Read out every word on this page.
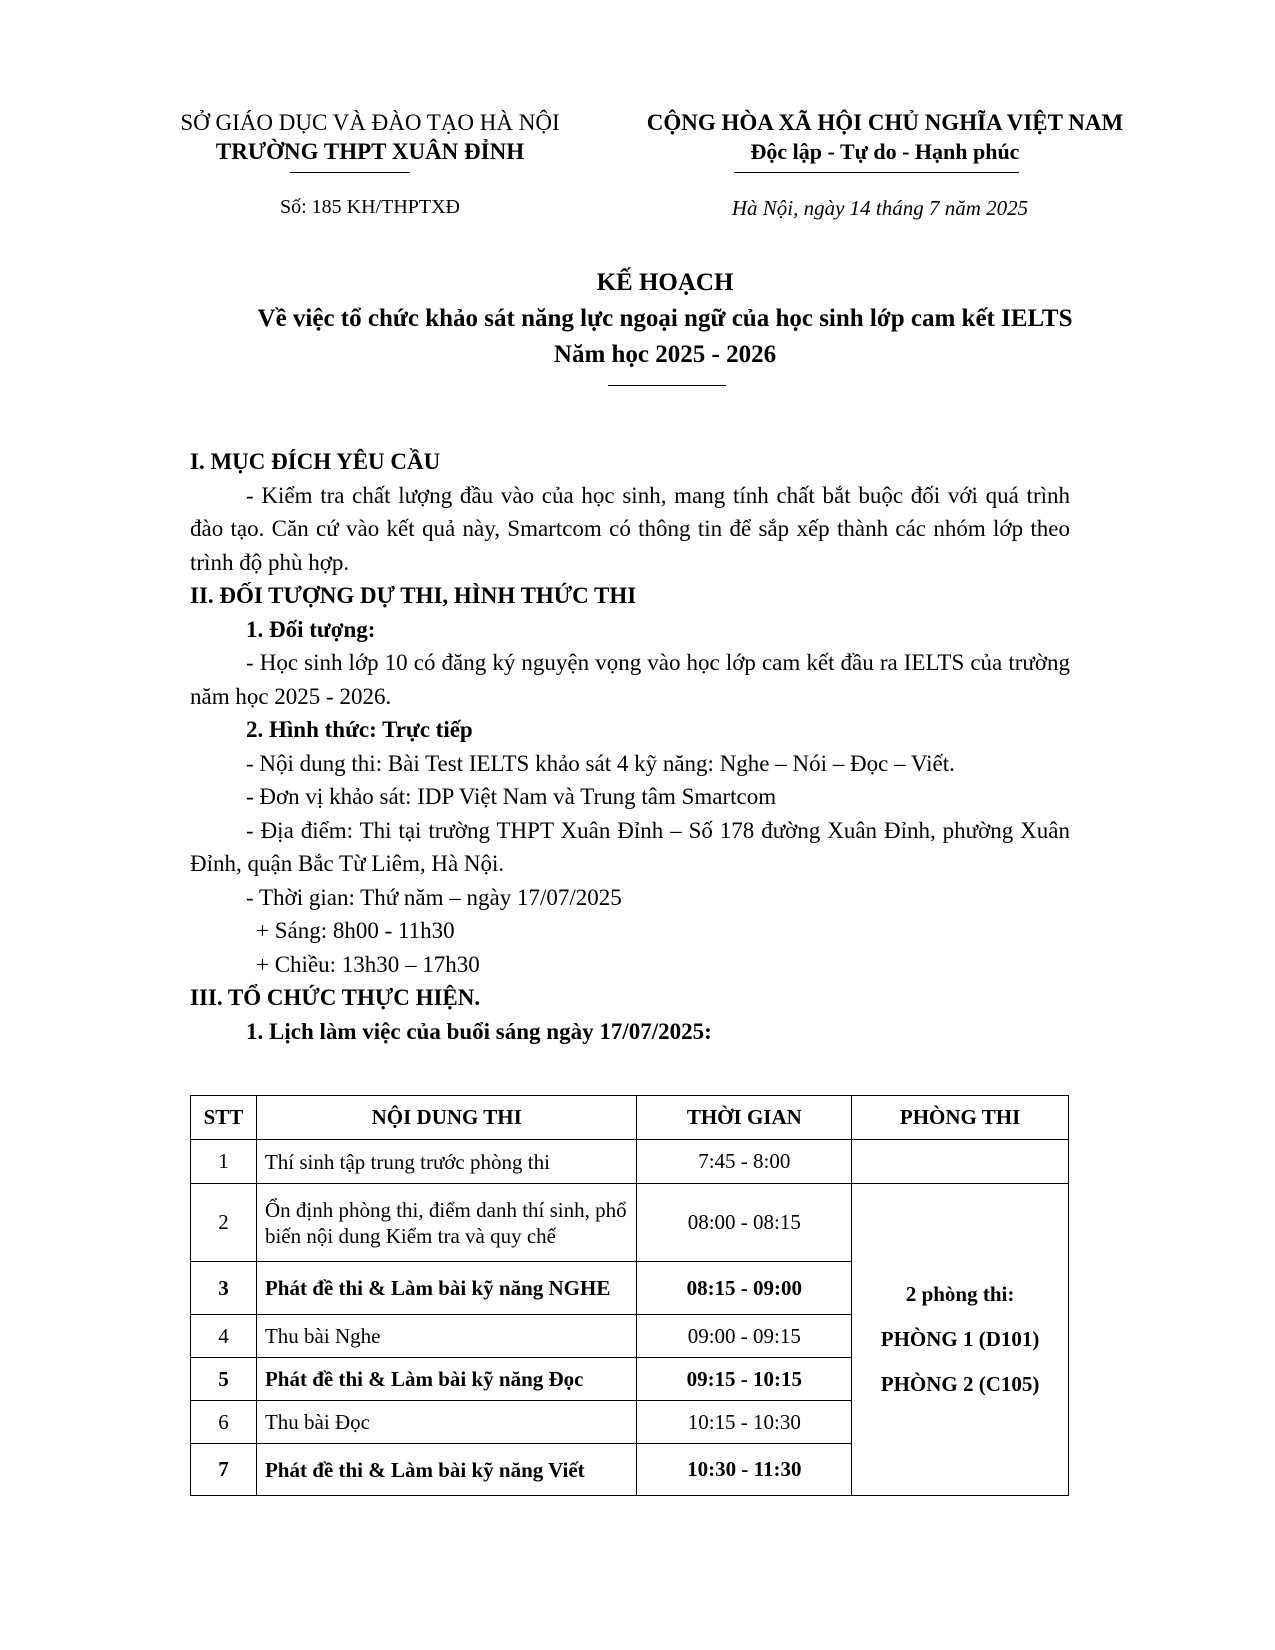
SỞ GIÁO DỤC VÀ ĐÀO TẠO HÀ NỘI
TRƯỜNG THPT XUÂN ĐỈNH
CỘNG HÒA XÃ HỘI CHỦ NGHĨA VIỆT NAM
Độc lập - Tự do - Hạnh phúc
Số: 185 KH/THPTXĐ	Hà Nội, ngày 14 tháng 7 năm 2025
KẾ HOẠCH
Về việc tổ chức khảo sát năng lực ngoại ngữ của học sinh lớp cam kết IELTS
Năm học 2025 - 2026

I. MỤC ĐÍCH YÊU CẦU

- Kiểm tra chất lượng đầu vào của học sinh, mang tính chất bắt buộc đối với quá trình đào tạo. Căn cứ vào kết quả này, Smartcom có thông tin để sắp xếp thành các nhóm lớp theo trình độ phù hợp.

II. ĐỐI TƯỢNG DỰ THI, HÌNH THỨC THI

1. Đối tượng:

- Học sinh lớp 10 có đăng ký nguyện vọng vào học lớp cam kết đầu ra IELTS của trường năm học 2025 - 2026.

2. Hình thức: Trực tiếp

- Nội dung thi: Bài Test IELTS khảo sát 4 kỹ năng: Nghe – Nói – Đọc – Viết.

- Đơn vị khảo sát: IDP Việt Nam và Trung tâm Smartcom

- Địa điểm: Thi tại trường THPT Xuân Đỉnh – Số 178 đường Xuân Đỉnh, phường Xuân Đỉnh, quận Bắc Từ Liêm, Hà Nội.

- Thời gian: Thứ năm – ngày 17/07/2025

+ Sáng: 8h00 - 11h30

+ Chiều: 13h30 – 17h30

III. TỔ CHỨC THỰC HIỆN.

1. Lịch làm việc của buổi sáng ngày 17/07/2025:

STT	NỘI DUNG THI	THỜI GIAN	PHÒNG THI
1	Thí sinh tập trung trước phòng thi	7:45 - 8:00	
2	Ổn định phòng thi, điểm danh thí sinh, phổ biến nội dung Kiểm tra và quy chế	08:00 - 08:15	2 phòng thi:
PHÒNG 1 (D101)
PHÒNG 2 (C105)

3	Phát đề thi & Làm bài kỹ năng NGHE	08:15 - 09:00	
4	Thu bài Nghe	09:00 - 09:15	
5	Phát đề thi & Làm bài kỹ năng Đọc	09:15 - 10:15	
6	Thu bài Đọc	10:15 - 10:30	
7	Phát đề thi & Làm bài kỹ năng Viết	10:30 - 11:30	
